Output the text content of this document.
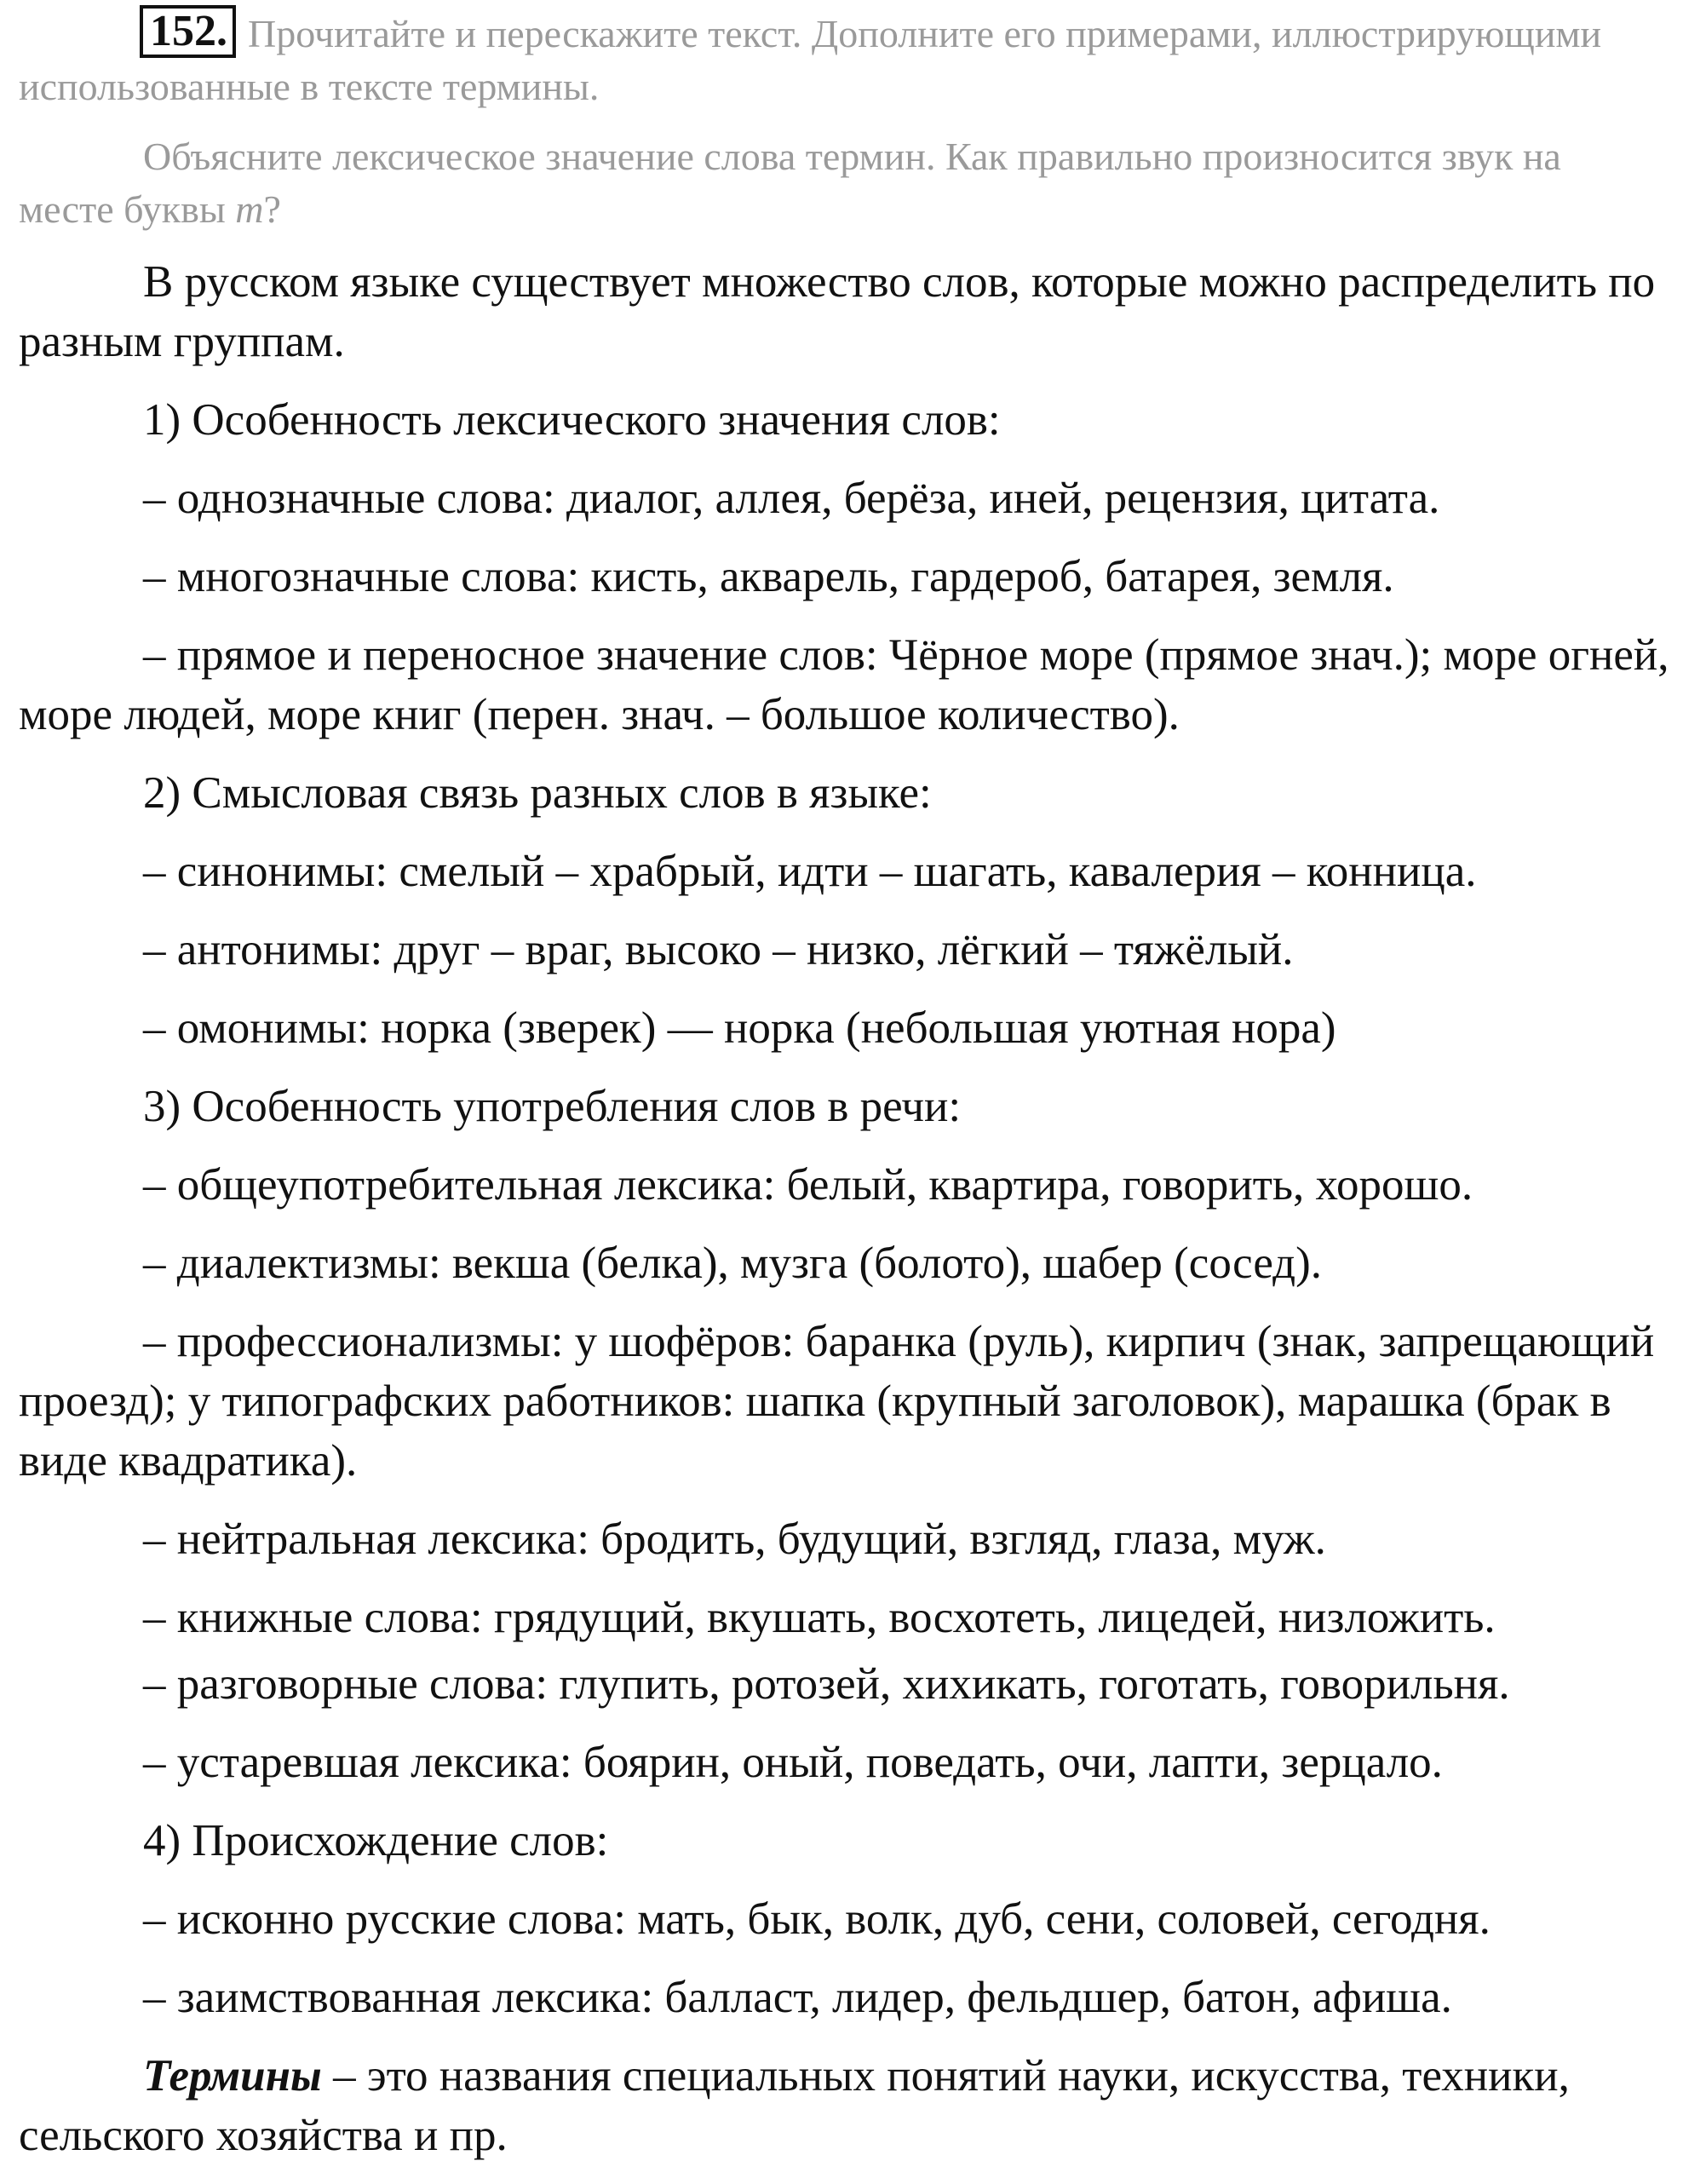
152. Прочитайте и перескажите текст. Дополните его примерами, иллюстрирующими использованные в тексте термины.

Объясните лексическое значение слова термин. Как правильно произносится звук на месте буквы т?

В русском языке существует множество слов, которые можно распределить по разным группам.

1) Особенность лексического значения слов:

– однозначные слова: диалог, аллея, берёза, иней, рецензия, цитата.

– многозначные слова: кисть, акварель, гардероб, батарея, земля.

– прямое и переносное значение слов: Чёрное море (прямое знач.); море огней, море людей, море книг (перен. знач. – большое количество).

2) Смысловая связь разных слов в языке:

– синонимы: смелый – храбрый, идти – шагать, кавалерия – конница.

– антонимы: друг – враг, высоко – низко, лёгкий – тяжёлый.

– омонимы: норка (зверек) — норка (небольшая уютная нора)

3) Особенность употребления слов в речи:

– общеупотребительная лексика: белый, квартира, говорить, хорошо.

– диалектизмы: векша (белка), музга (болото), шабер (сосед).

– профессионализмы: у шофёров: баранка (руль), кирпич (знак, запрещающий проезд); у типографских работников: шапка (крупный заголовок), марашка (брак в виде квадратика).

– нейтральная лексика: бродить, будущий, взгляд, глаза, муж.

– книжные слова: грядущий, вкушать, восхотеть, лицедей, низложить.

– разговорные слова: глупить, ротозей, хихикать, гоготать, говорильня.

– устаревшая лексика: боярин, оный, поведать, очи, лапти, зерцало.

4) Происхождение слов:

– исконно русские слова: мать, бык, волк, дуб, сени, соловей, сегодня.

– заимствованная лексика: балласт, лидер, фельдшер, батон, афиша.

Термины – это названия специальных понятий науки, искусства, техники, сельского хозяйства и пр.
